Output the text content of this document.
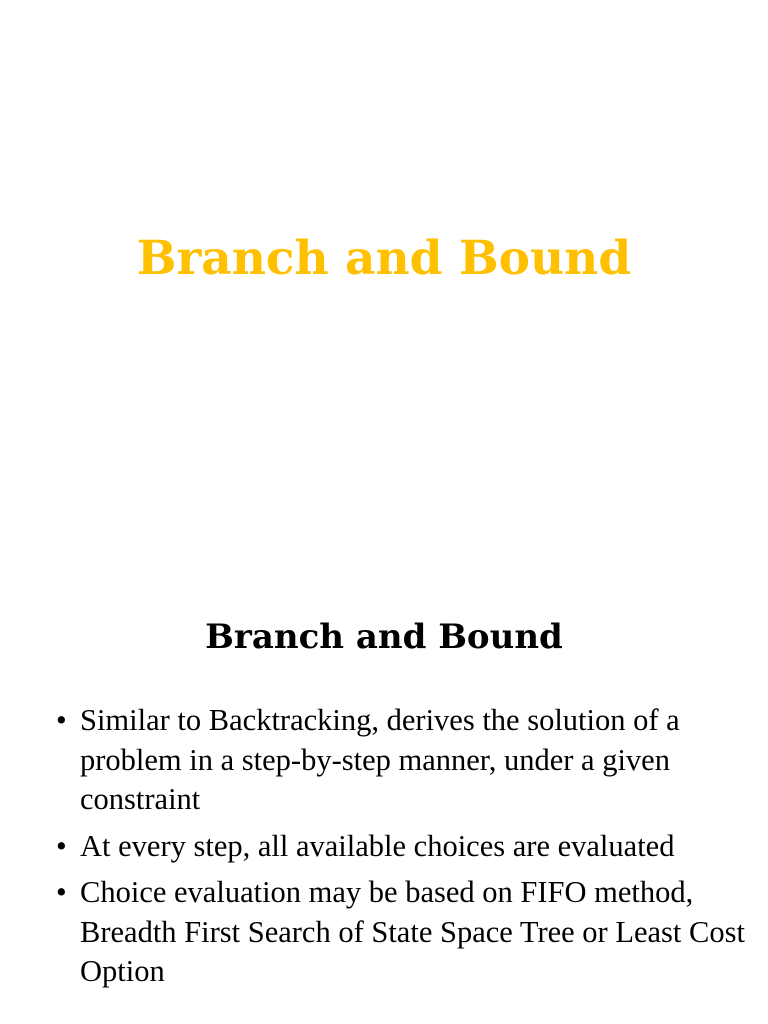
Branch and Bound
Branch and Bound
• Similar to Backtracking, derives the solution of a problem in a step-by-step manner, under a given constraint
• At every step, all available choices are evaluated
• Choice evaluation may be based on FIFO method, Breadth First Search of State Space Tree or Least Cost Option
